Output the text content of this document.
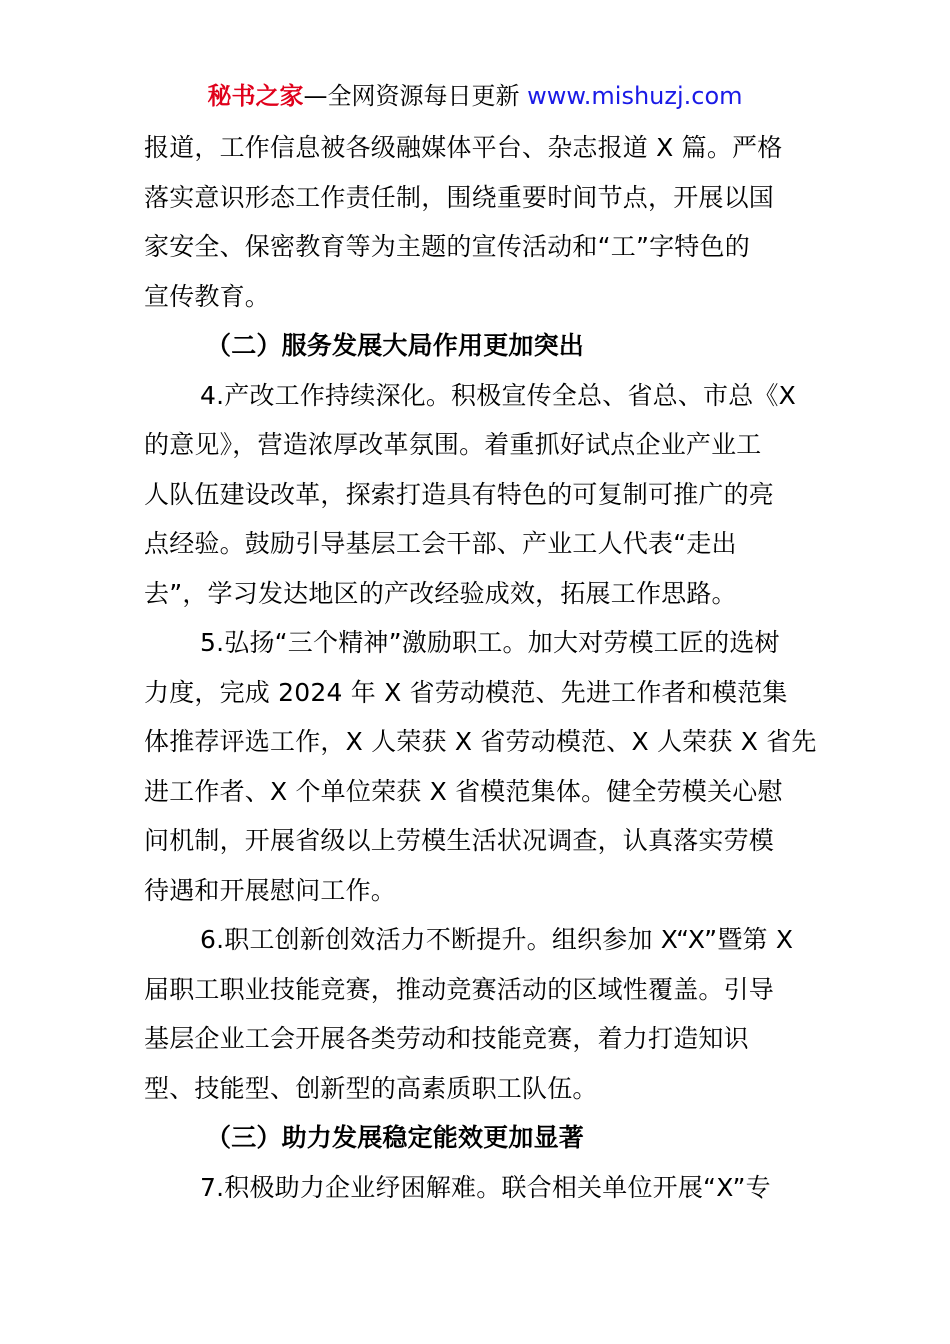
秘书之家—全网资源每日更新 www.mishuzj.com
报道，工作信息被各级融媒体平台、杂志报道 X 篇。严格
落实意识形态工作责任制，围绕重要时间节点，开展以国
家安全、保密教育等为主题的宣传活动和“工”字特色的
宣传教育。
（二）服务发展大局作用更加突出
4.产改工作持续深化。积极宣传全总、省总、市总《X
的意见》，营造浓厚改革氛围。着重抓好试点企业产业工
人队伍建设改革，探索打造具有特色的可复制可推广的亮
点经验。鼓励引导基层工会干部、产业工人代表“走出
去”，学习发达地区的产改经验成效，拓展工作思路。
5.弘扬“三个精神”激励职工。加大对劳模工匠的选树
力度，完成 2024 年 X 省劳动模范、先进工作者和模范集
体推荐评选工作，X 人荣获 X 省劳动模范、X 人荣获 X 省先
进工作者、X 个单位荣获 X 省模范集体。健全劳模关心慰
问机制，开展省级以上劳模生活状况调查，认真落实劳模
待遇和开展慰问工作。
6.职工创新创效活力不断提升。组织参加 X“X”暨第 X
届职工职业技能竞赛，推动竞赛活动的区域性覆盖。引导
基层企业工会开展各类劳动和技能竞赛，着力打造知识
型、技能型、创新型的高素质职工队伍。
（三）助力发展稳定能效更加显著
7.积极助力企业纾困解难。联合相关单位开展“X”专
